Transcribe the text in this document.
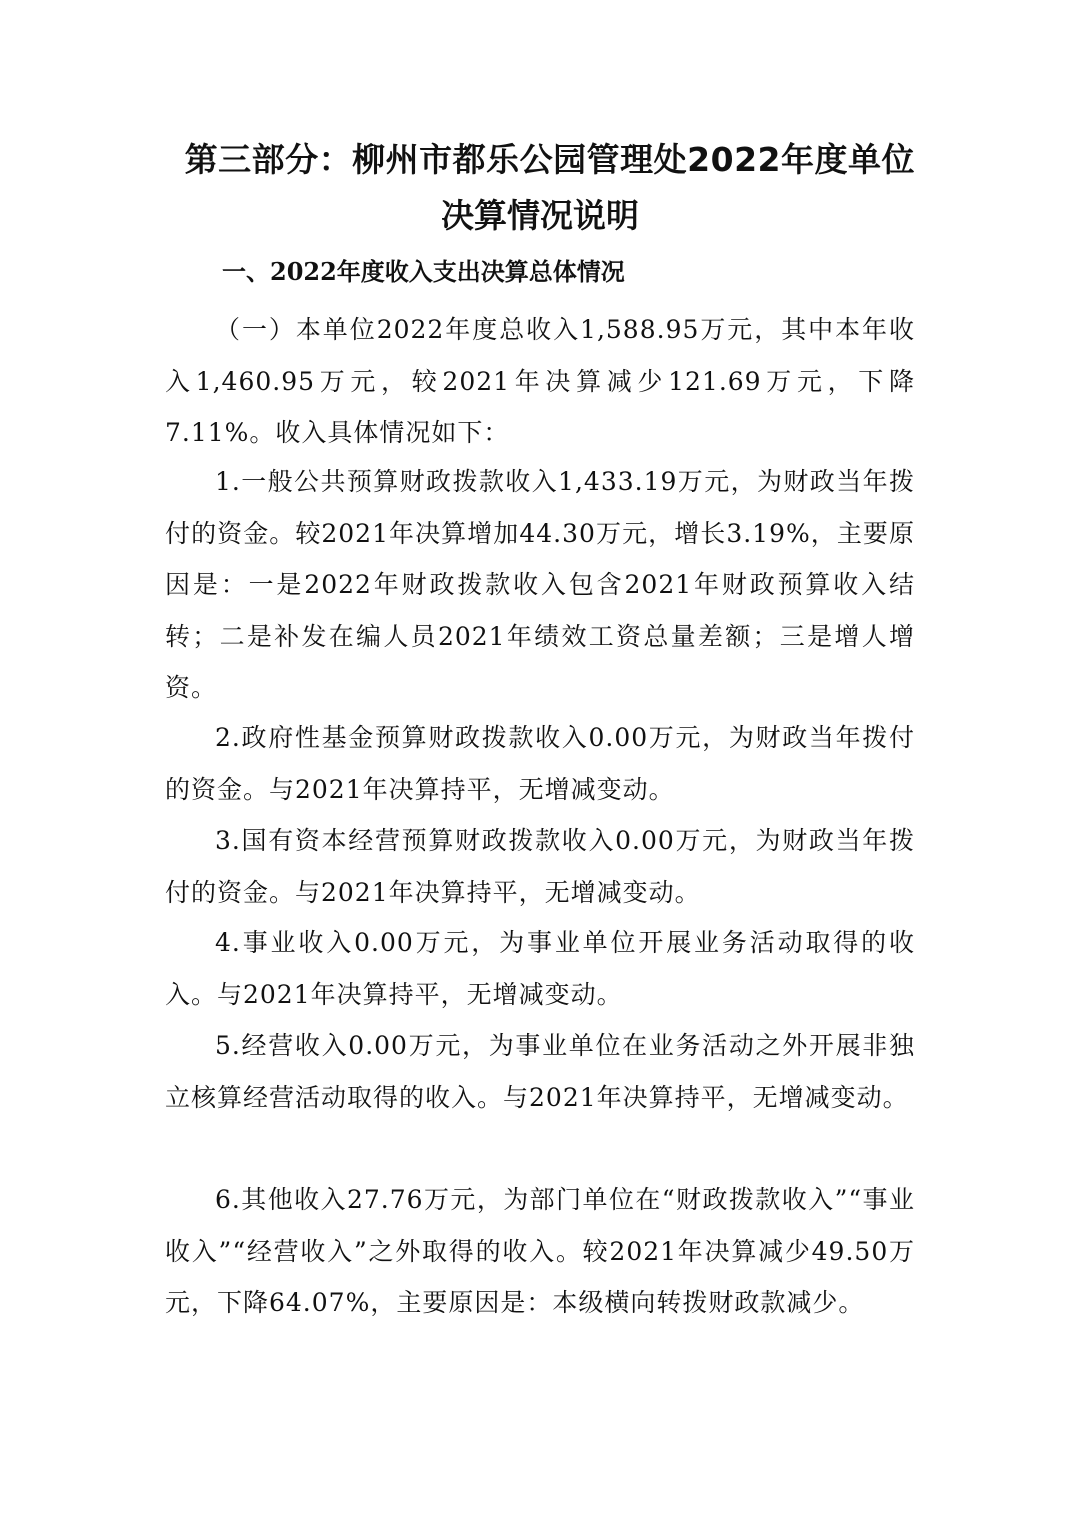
第三部分：柳州市都乐公园管理处2022年度单位
决算情况说明
一、2022年度收入支出决算总体情况

（一）本单位2022年度总收入1,588.95万元，其中本年收入1,460.95万元，较2021年决算减少121.69万元，下降7.11%。收入具体情况如下：

1.一般公共预算财政拨款收入1,433.19万元，为财政当年拨付的资金。较2021年决算增加44.30万元，增长3.19%，主要原因是：一是2022年财政拨款收入包含2021年财政预算收入结转；二是补发在编人员2021年绩效工资总量差额；三是增人增资。

2.政府性基金预算财政拨款收入0.00万元，为财政当年拨付的资金。与2021年决算持平，无增减变动。

3.国有资本经营预算财政拨款收入0.00万元，为财政当年拨付的资金。与2021年决算持平，无增减变动。

4.事业收入0.00万元，为事业单位开展业务活动取得的收入。与2021年决算持平，无增减变动。

5.经营收入0.00万元，为事业单位在业务活动之外开展非独立核算经营活动取得的收入。与2021年决算持平，无增减变动。

6.其他收入27.76万元，为部门单位在“财政拨款收入”“事业收入”“经营收入”之外取得的收入。较2021年决算减少49.50万元，下降64.07%，主要原因是：本级横向转拨财政款减少。
